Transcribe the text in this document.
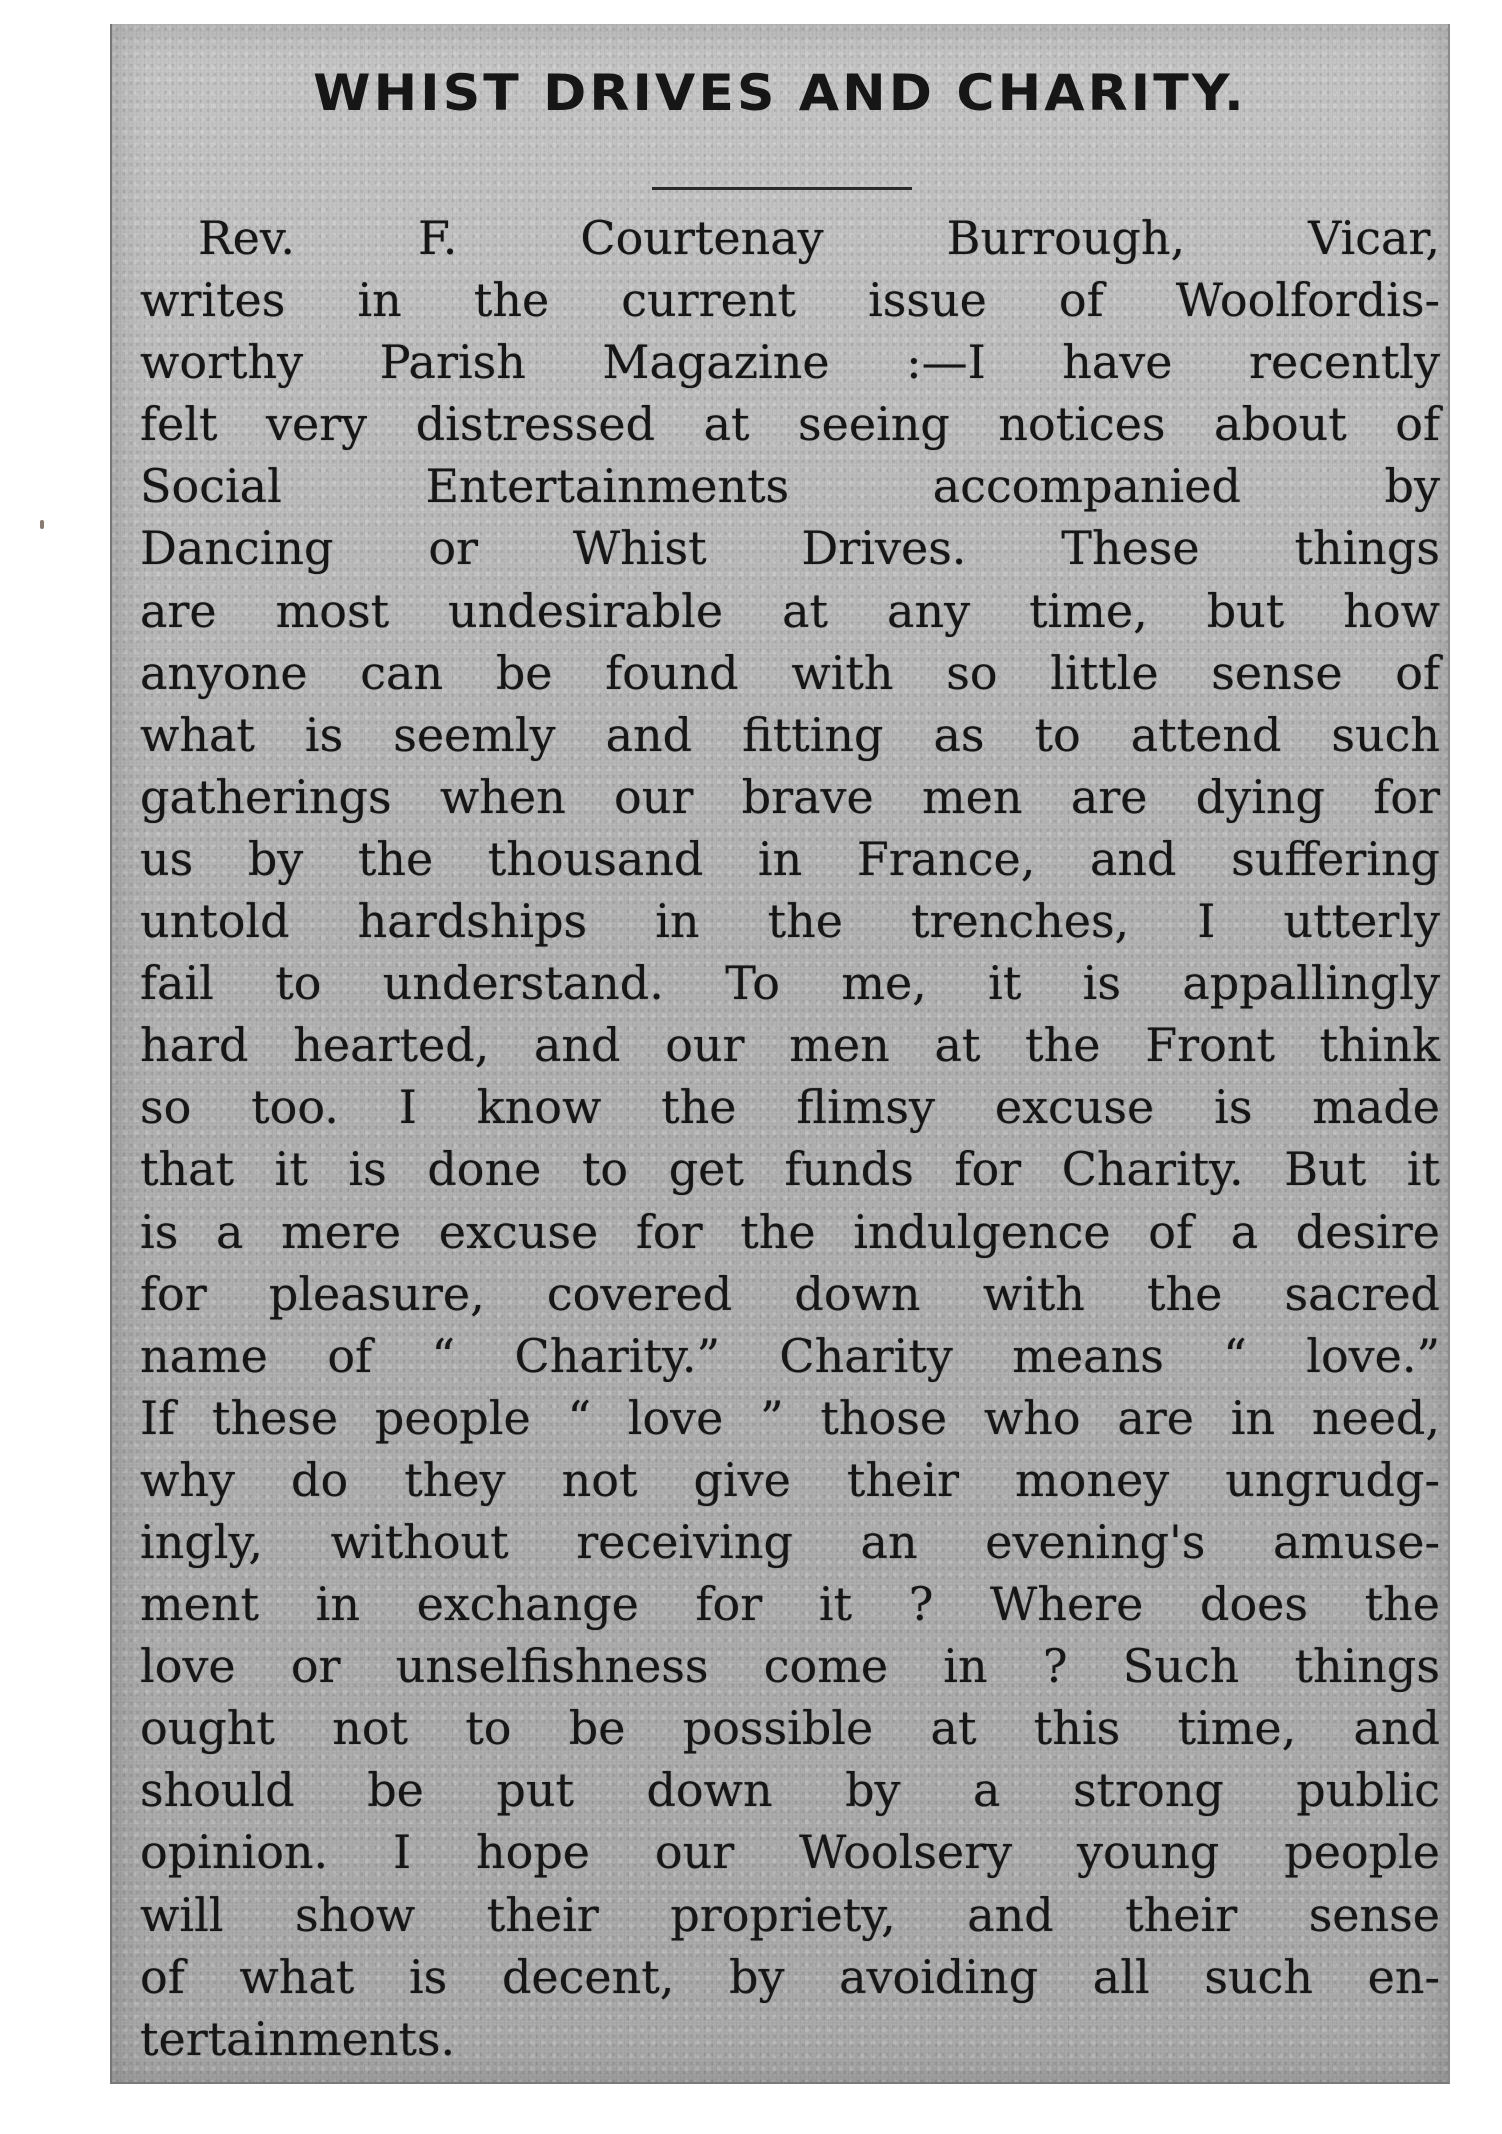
WHIST DRIVES AND CHARITY.
Rev. F. Courtenay Burrough, Vicar,
writes in the current issue of Woolfordis-
worthy Parish Magazine :—I have recently
felt very distressed at seeing notices about of
Social Entertainments accompanied by
Dancing or Whist Drives. These things
are most undesirable at any time, but how
anyone can be found with so little sense of
what is seemly and fitting as to attend such
gatherings when our brave men are dying for
us by the thousand in France, and suffering
untold hardships in the trenches, I utterly
fail to understand. To me, it is appallingly
hard hearted, and our men at the Front think
so too. I know the flimsy excuse is made
that it is done to get funds for Charity. But it
is a mere excuse for the indulgence of a desire
for pleasure, covered down with the sacred
name of “ Charity.” Charity means “ love.”
If these people “ love ” those who are in need,
why do they not give their money ungrudg-
ingly, without receiving an evening's amuse-
ment in exchange for it ? Where does the
love or unselfishness come in ? Such things
ought not to be possible at this time, and
should be put down by a strong public
opinion. I hope our Woolsery young people
will show their propriety, and their sense
of what is decent, by avoiding all such en-
tertainments.
